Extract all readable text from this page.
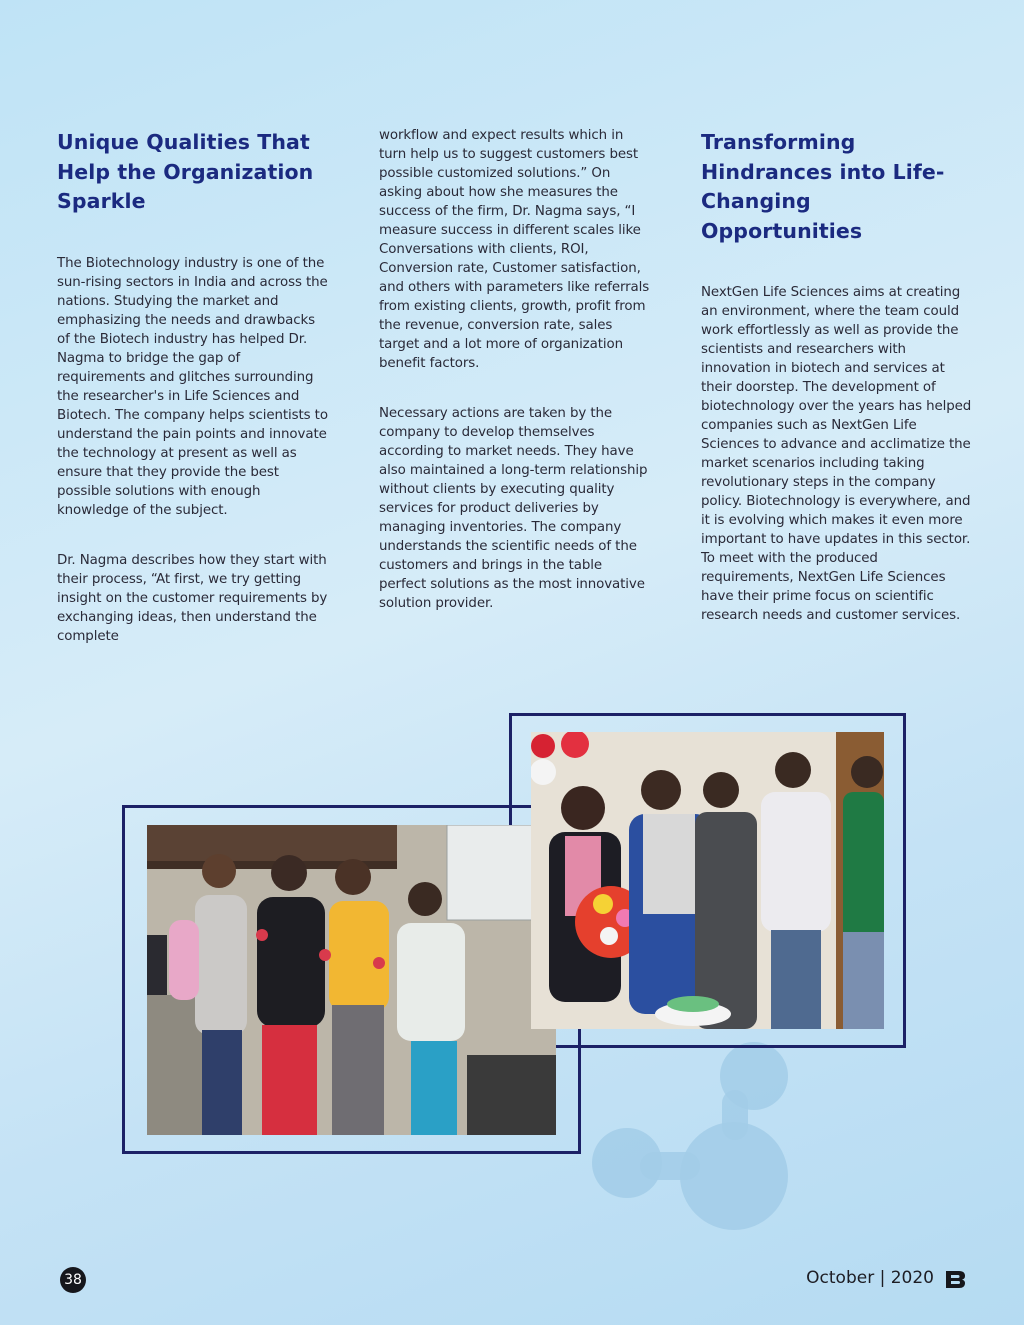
Unique Qualities That Help the Organization Sparkle

The Biotechnology industry is one of the sun-rising sectors in India and across the nations. Studying the market and emphasizing the needs and drawbacks of the Biotech industry has helped Dr. Nagma to bridge the gap of requirements and glitches surrounding the researcher's in Life Sciences and Biotech. The company helps scientists to understand the pain points and innovate the technology at present as well as ensure that they provide the best possible solutions with enough knowledge of the subject.

Dr. Nagma describes how they start with their process, “At first, we try getting insight on the customer requirements by exchanging ideas, then understand the complete

workflow and expect results which in turn help us to suggest customers best possible customized solutions.” On asking about how she measures the success of the firm, Dr. Nagma says, “I measure success in different scales like Conversations with clients, ROI, Conversion rate, Customer satisfaction, and others with parameters like referrals from existing clients, growth, profit from the revenue, conversion rate, sales target and a lot more of organization benefit factors.

Necessary actions are taken by the company to develop themselves according to market needs. They have also maintained a long-term relationship without clients by executing quality services for product deliveries by managing inventories. The company understands the scientific needs of the customers and brings in the table perfect solutions as the most innovative solution provider.

Transforming Hindrances into Life-Changing Opportunities

NextGen Life Sciences aims at creating an environment, where the team could work effortlessly as well as provide the scientists and researchers with innovation in biotech and services at their doorstep. The development of biotechnology over the years has helped companies such as NextGen Life Sciences to advance and acclimatize the market scenarios including taking revolutionary steps in the company policy. Biotechnology is everywhere, and it is evolving which makes it even more important to have updates in this sector. To meet with the produced requirements, NextGen Life Sciences have their prime focus on scientific research needs and customer services.

38	October | 2020
